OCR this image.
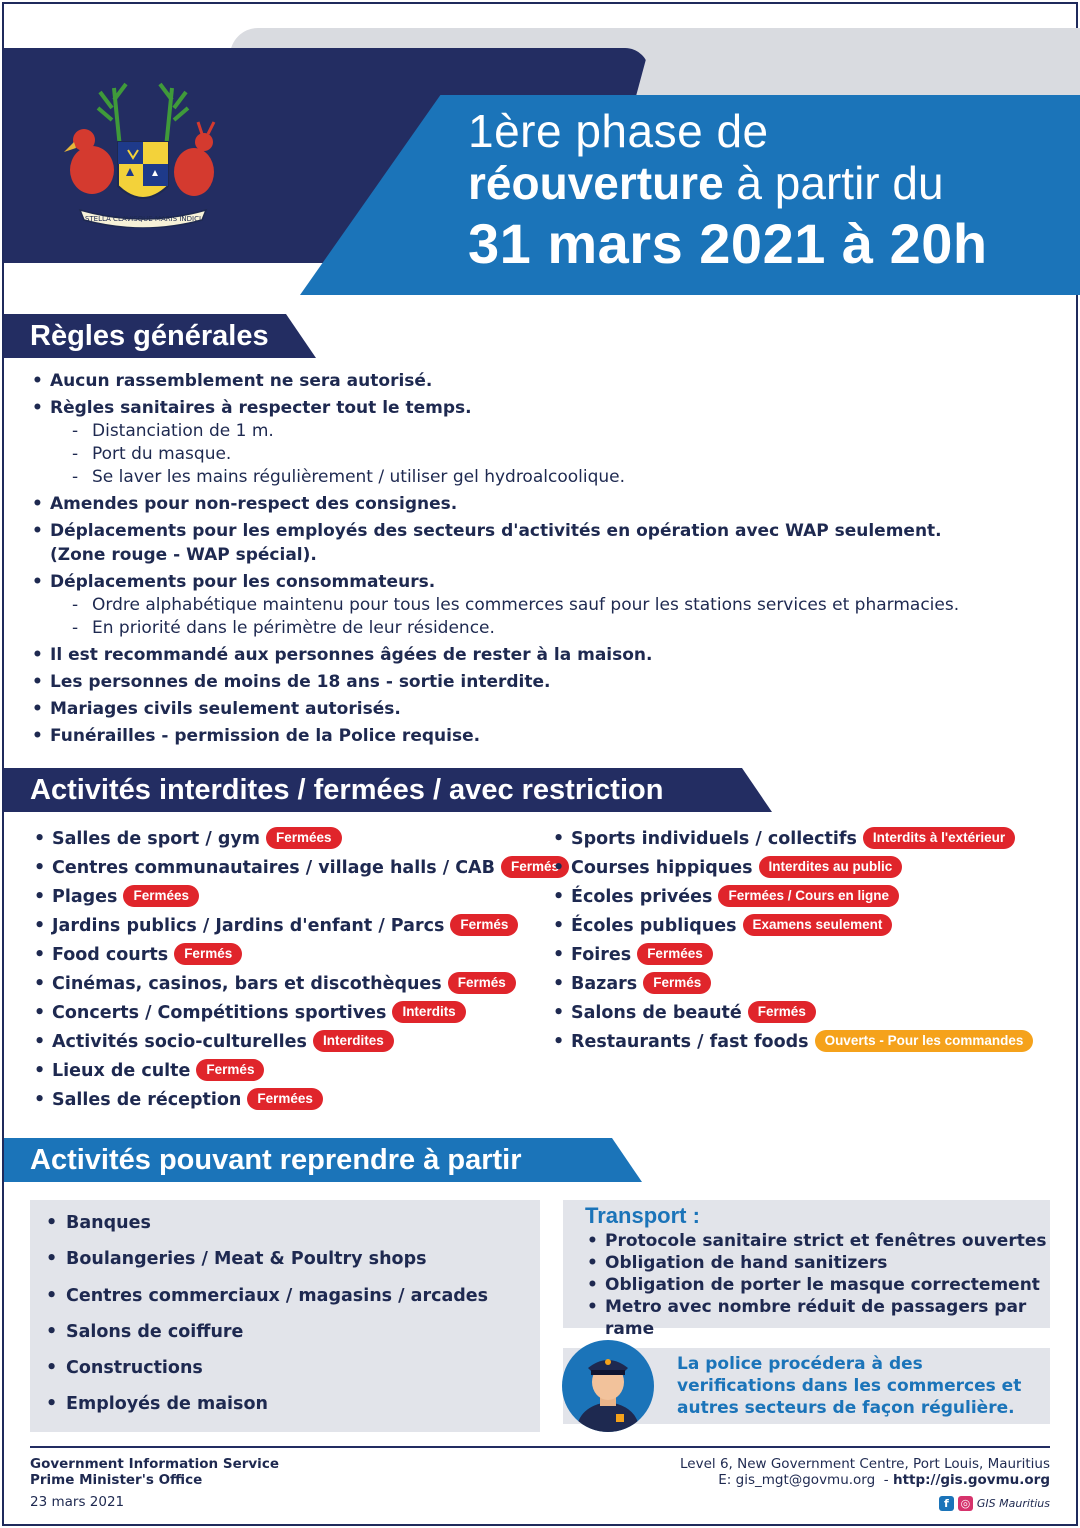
STELLA CLAVISQUE MARIS INDICI
1ère phase de
réouverture à partir du
31 mars 2021 à 20h
Règles générales
• Aucun rassemblement ne sera autorisé.
• Règles sanitaires à respecter tout le temps.
- Distanciation de 1 m.
- Port du masque.
- Se laver les mains régulièrement / utiliser gel hydroalcoolique.
• Amendes pour non-respect des consignes.
• Déplacements pour les employés des secteurs d'activités en opération avec WAP seulement.
(Zone rouge - WAP spécial).
• Déplacements pour les consommateurs.
- Ordre alphabétique maintenu pour tous les commerces sauf pour les stations services et pharmacies.
- En priorité dans le périmètre de leur résidence.
• Il est recommandé aux personnes âgées de rester à la maison.
• Les personnes de moins de 18 ans - sortie interdite.
• Mariages civils seulement autorisés.
• Funérailles - permission de la Police requise.
Activités interdites / fermées / avec restriction
• Salles de sport / gym Fermées
• Centres communautaires / village halls / CAB Fermés
• Plages Fermées
• Jardins publics / Jardins d'enfant / Parcs Fermés
• Food courts Fermés
• Cinémas, casinos, bars et discothèques Fermés
• Concerts / Compétitions sportives Interdits
• Activités socio-culturelles Interdites
• Lieux de culte Fermés
• Salles de réception Fermées
• Sports individuels / collectifs Interdits à l'extérieur
• Courses hippiques Interdites au public
• Écoles privées Fermées / Cours en ligne
• Écoles publiques Examens seulement
• Foires Fermées
• Bazars Fermés
• Salons de beauté Fermés
• Restaurants / fast foods Ouverts - Pour les commandes
Activités pouvant reprendre à partir
• Banques
• Boulangeries / Meat & Poultry shops
• Centres commerciaux / magasins / arcades
• Salons de coiffure
• Constructions
• Employés de maison
Transport :
• Protocole sanitaire strict et fenêtres ouvertes
• Obligation de hand sanitizers
• Obligation de porter le masque correctement
• Metro avec nombre réduit de passagers par rame
La police procédera à des verifications dans les commerces et autres secteurs de façon régulière.
Government Information Service
Prime Minister's Office
23 mars 2021
Level 6, New Government Centre, Port Louis, Mauritius
E: gis_mgt@govmu.org  - http://gis.govmu.org
f	◎ GIS Mauritius
